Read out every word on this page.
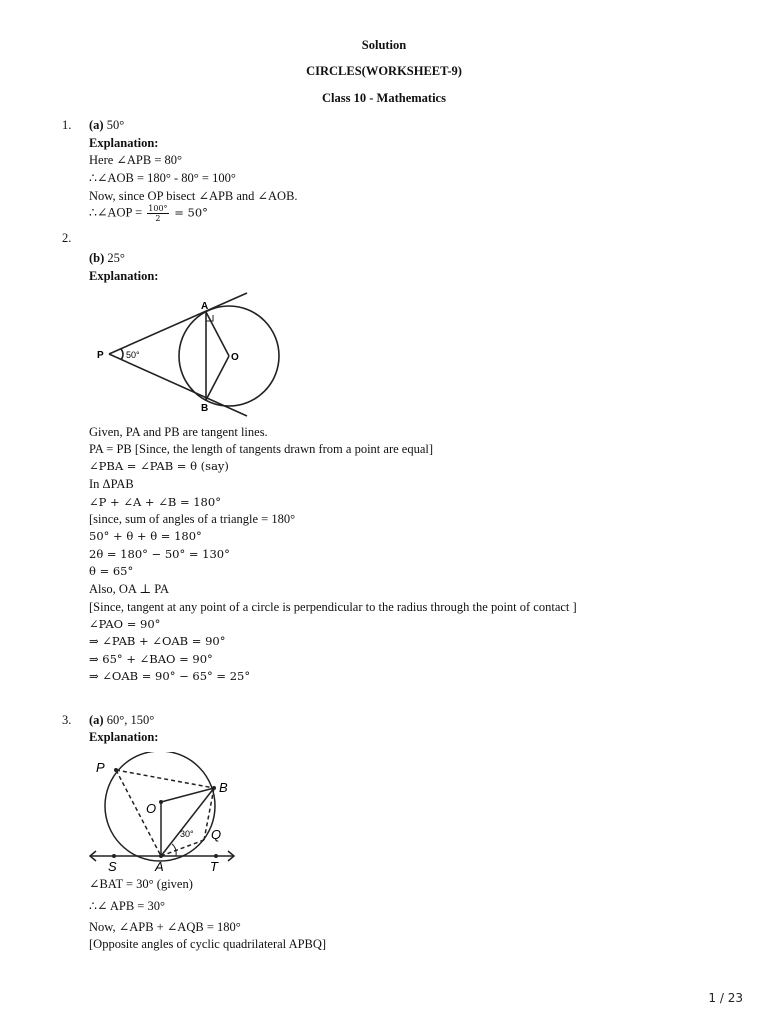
Solution
CIRCLES(WORKSHEET-9)
Class 10 - Mathematics
1. (a) 50°
Explanation:
Here ∠APB = 80°
∴∠AOB = 180° - 80° = 100°
Now, since OP bisect ∠APB and ∠AOB.
∴∠AOP = $\frac{100^\circ}{2} = 50^\circ$
2.
(b) 25°
Explanation:
P 50°
A
B
O
Given, PA and PB are tangent lines.
PA = PB [Since, the length of tangents drawn from a point are equal]
∠PBA = ∠PAB = θ (say)
In ΔPAB
∠P + ∠A + ∠B = 180°
[since, sum of angles of a triangle = 180°
50° + θ + θ = 180°
2θ = 180° − 50° = 130°
θ = 65°
Also, OA ⊥ PA
[Since, tangent at any point of a circle is perpendicular to the radius through the point of contact ]
∠PAO = 90°
⇒ ∠PAB + ∠OAB = 90°
⇒ 65° + ∠BAO = 90°
⇒ ∠OAB = 90° − 65° = 25°
3. (a) 60°, 150°
Explanation:
P
B
O
Q
30°
S	A	T
∠BAT = 30° (given)
∴∠ APB = 30°
Now, ∠APB + ∠AQB = 180°
[Opposite angles of cyclic quadrilateral APBQ]
1 / 23
